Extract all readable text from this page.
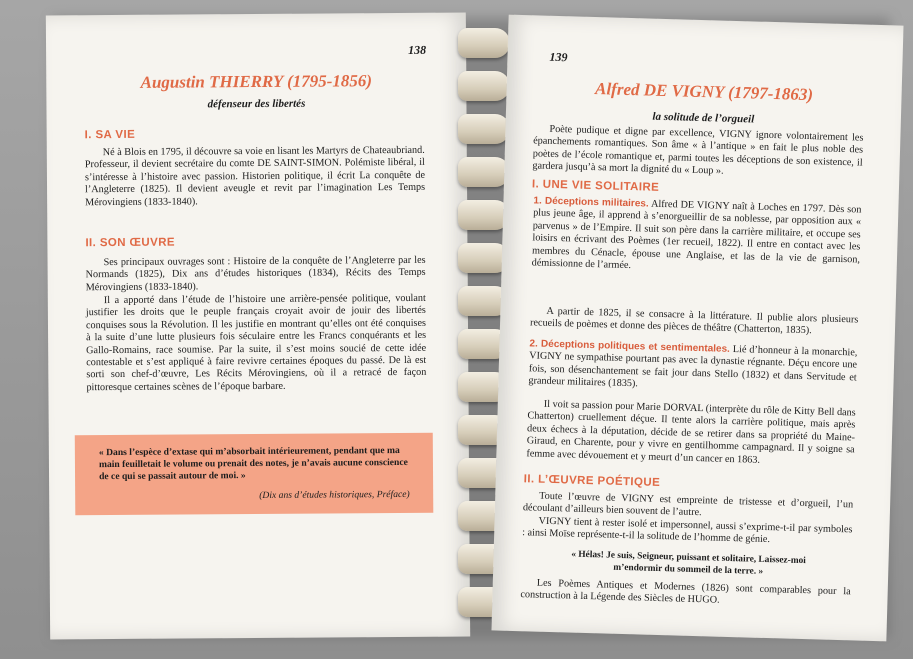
138
Augustin THIERRY (1795-1856)
défenseur des libertés
I. SA VIE
Né à Blois en 1795, il découvre sa voie en lisant les Martyrs de Chateaubriand. Professeur, il devient secrétaire du comte DE SAINT-SIMON. Polémiste libéral, il s’intéresse à l’histoire avec passion. Historien politique, il écrit La conquête de l’Angleterre (1825). Il devient aveugle et revit par l’imagination Les Temps Mérovingiens (1833-1840).
II. SON ŒUVRE
Ses principaux ouvrages sont : Histoire de la conquête de l’Angleterre par les Normands (1825), Dix ans d’études historiques (1834), Récits des Temps Mérovingiens (1833-1840).
Il a apporté dans l’étude de l’histoire une arrière-pensée politique, voulant justifier les droits que le peuple français croyait avoir de jouir des libertés conquises sous la Révolution. Il les justifie en montrant qu’elles ont été conquises à la suite d’une lutte plusieurs fois séculaire entre les Francs conquérants et les Gallo-Romains, race soumise. Par la suite, il s’est moins soucié de cette idée contestable et s’est appliqué à faire revivre certaines époques du passé. De là est sorti son chef-d’œuvre, Les Récits Mérovingiens, où il a retracé de façon pittoresque certaines scènes de l’époque barbare.
« Dans l’espèce d’extase qui m’absorbait intérieurement, pendant que ma main feuilletait le volume ou prenait des notes, je n’avais aucune conscience de ce qui se passait autour de moi. »
(Dix ans d’études historiques, Préface)
139
Alfred DE VIGNY (1797-1863)
la solitude de l’orgueil
Poète pudique et digne par excellence, VIGNY ignore volontairement les épanchements romantiques. Son âme « à l’antique » en fait le plus noble des poètes de l’école romantique et, parmi toutes les déceptions de son existence, il gardera jusqu’à sa mort la dignité du « Loup ».
I. UNE VIE SOLITAIRE
1. Déceptions militaires. Alfred DE VIGNY naît à Loches en 1797. Dès son plus jeune âge, il apprend à s’enorgueillir de sa noblesse, par opposition aux « parvenus » de l’Empire. Il suit son père dans la carrière militaire, et occupe ses loisirs en écrivant des Poèmes (1er recueil, 1822). Il entre en contact avec les membres du Cénacle, épouse une Anglaise, et las de la vie de garnison, démissionne de l’armée.
A partir de 1825, il se consacre à la littérature. Il publie alors plusieurs recueils de poèmes et donne des pièces de théâtre (Chatterton, 1835).
2. Déceptions politiques et sentimentales. Lié d’honneur à la monarchie, VIGNY ne sympathise pourtant pas avec la dynastie régnante. Déçu encore une fois, son désenchantement se fait jour dans Stello (1832) et dans Servitude et grandeur militaires (1835).
Il voit sa passion pour Marie DORVAL (interprète du rôle de Kitty Bell dans Chatterton) cruellement déçue. Il tente alors la carrière politique, mais après deux échecs à la députation, décide de se retirer dans sa propriété du Maine-Giraud, en Charente, pour y vivre en gentilhomme campagnard. Il y soigne sa femme avec dévouement et y meurt d’un cancer en 1863.
II. L’ŒUVRE POÉTIQUE
Toute l’œuvre de VIGNY est empreinte de tristesse et d’orgueil, l’un découlant d’ailleurs bien souvent de l’autre.
VIGNY tient à rester isolé et impersonnel, aussi s’exprime-t-il par symboles : ainsi Moïse représente-t-il la solitude de l’homme de génie.
« Hélas! Je suis, Seigneur, puissant et solitaire, Laissez-moi m’endormir du sommeil de la terre. »
Les Poèmes Antiques et Modernes (1826) sont comparables pour la construction à la Légende des Siècles de HUGO.
